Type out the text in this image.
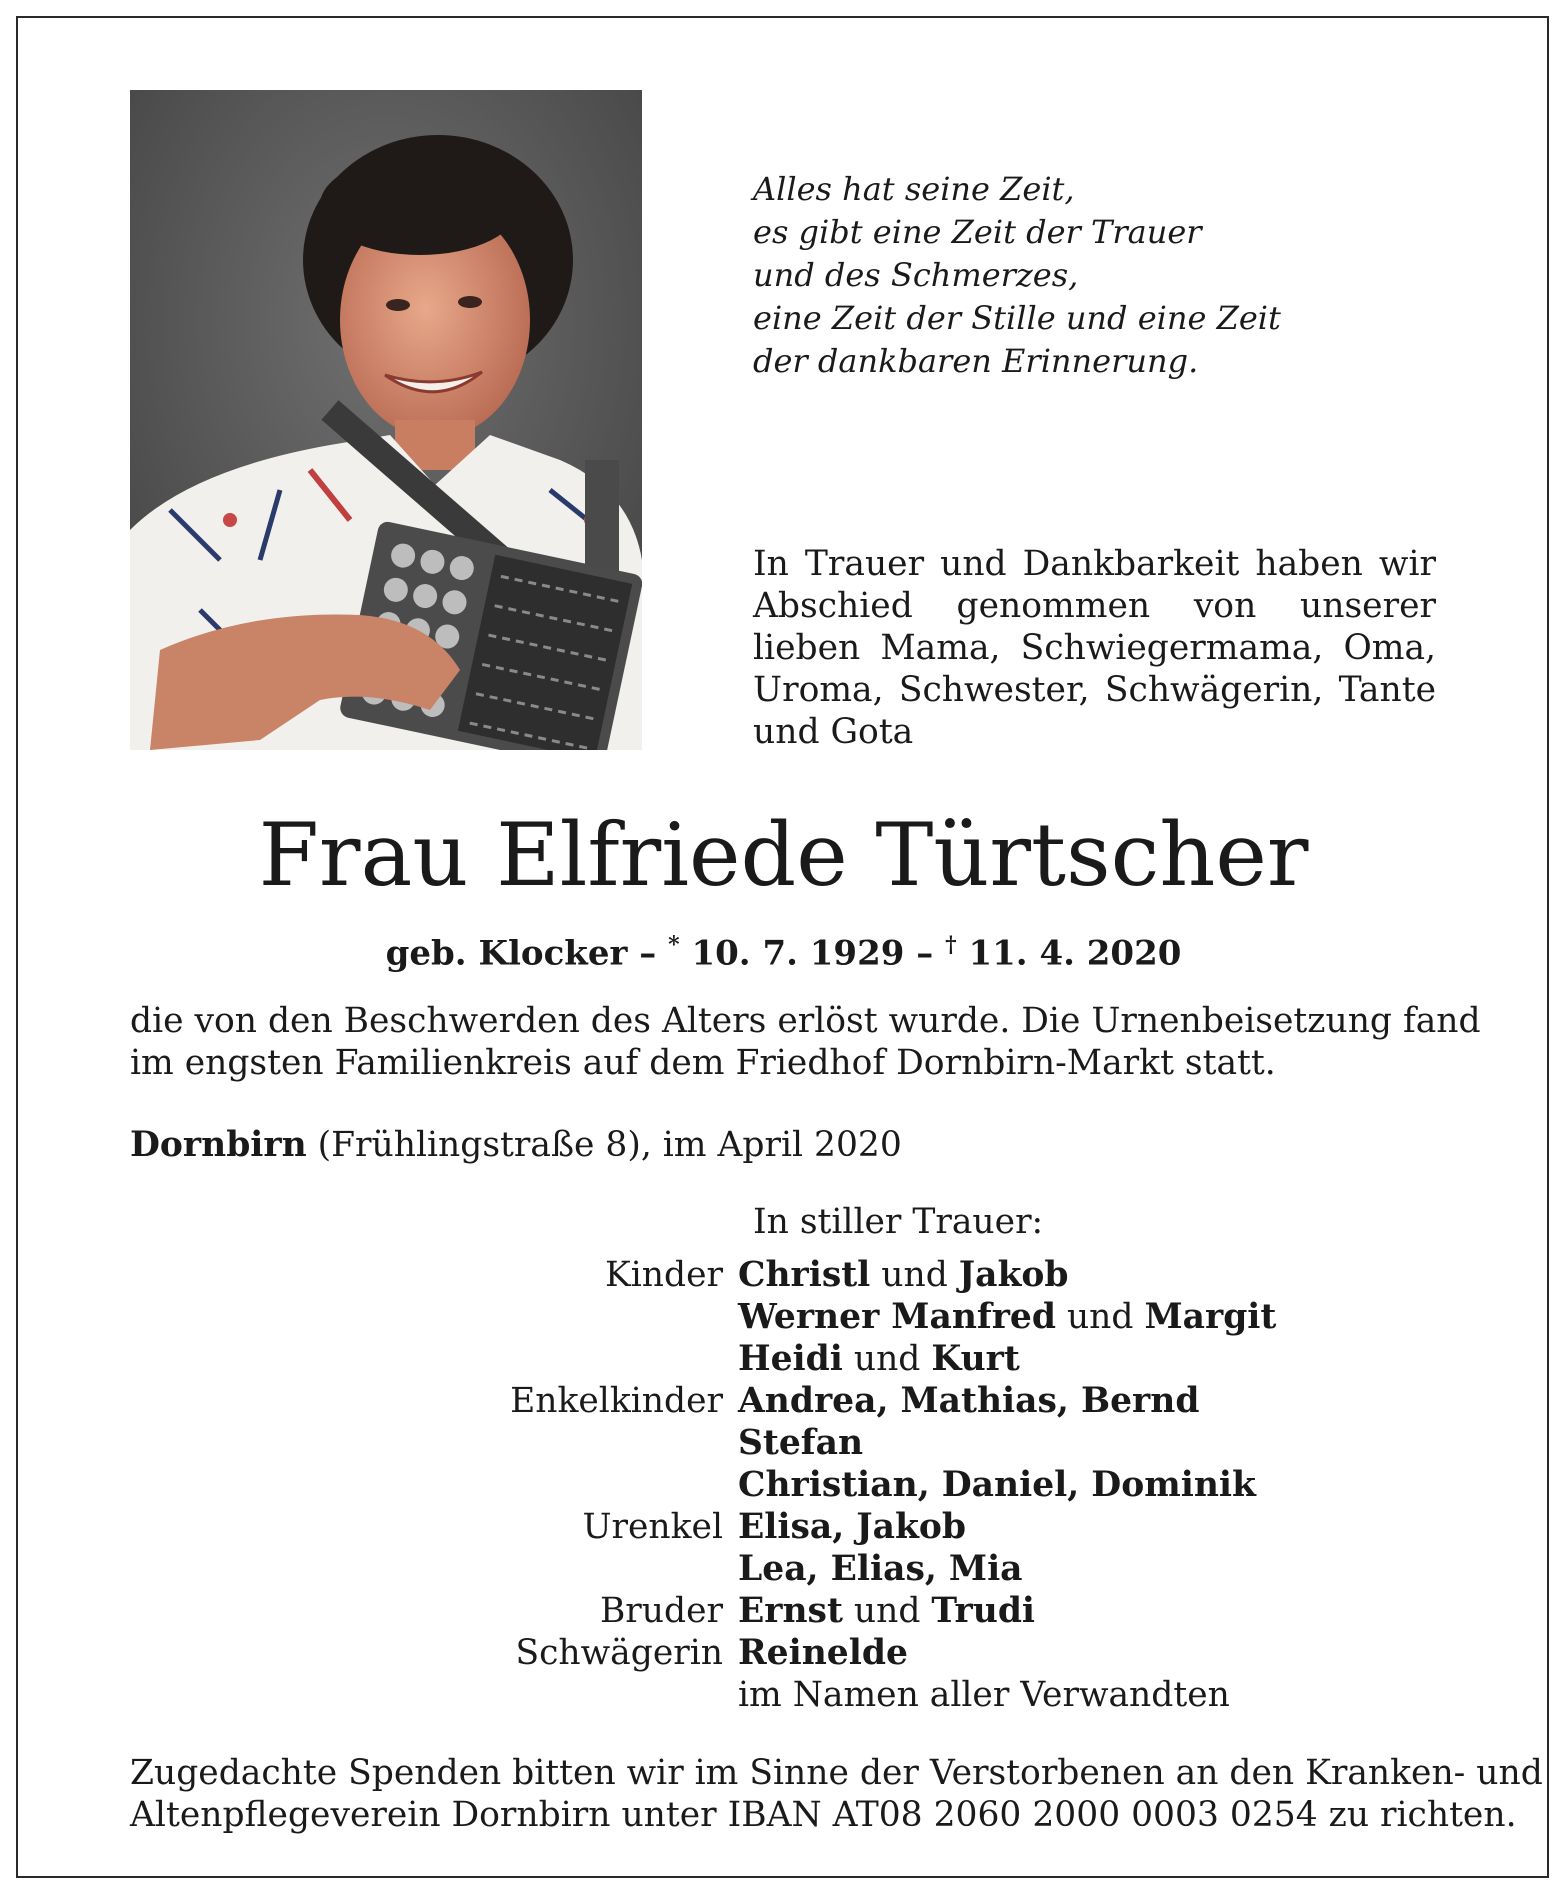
Alles hat seine Zeit,
es gibt eine Zeit der Trauer
und des Schmerzes,
eine Zeit der Stille und eine Zeit
der dankbaren Erinnerung.
In Trauer und Dankbarkeit haben wir Abschied genommen von unserer lieben Mama, Schwiegermama, Oma, Uroma, Schwester, Schwägerin, Tante und Gota
Frau Elfriede Türtscher
geb. Klocker – * 10. 7. 1929 – † 11. 4. 2020
die von den Beschwerden des Alters erlöst wurde. Die Urnenbeisetzung fand
im engsten Familienkreis auf dem Friedhof Dornbirn-Markt statt.
Dornbirn (Frühlingstraße 8), im April 2020
In stiller Trauer:
Kinder Christl und Jakob
Werner Manfred und Margit
Heidi und Kurt
Enkelkinder Andrea, Mathias, Bernd
Stefan
Christian, Daniel, Dominik
Urenkel Elisa, Jakob
Lea, Elias, Mia
Bruder Ernst und Trudi
Schwägerin Reinelde
im Namen aller Verwandten
Zugedachte Spenden bitten wir im Sinne der Verstorbenen an den Kranken- und
Altenpflegeverein Dornbirn unter IBAN AT08 2060 2000 0003 0254 zu richten.
